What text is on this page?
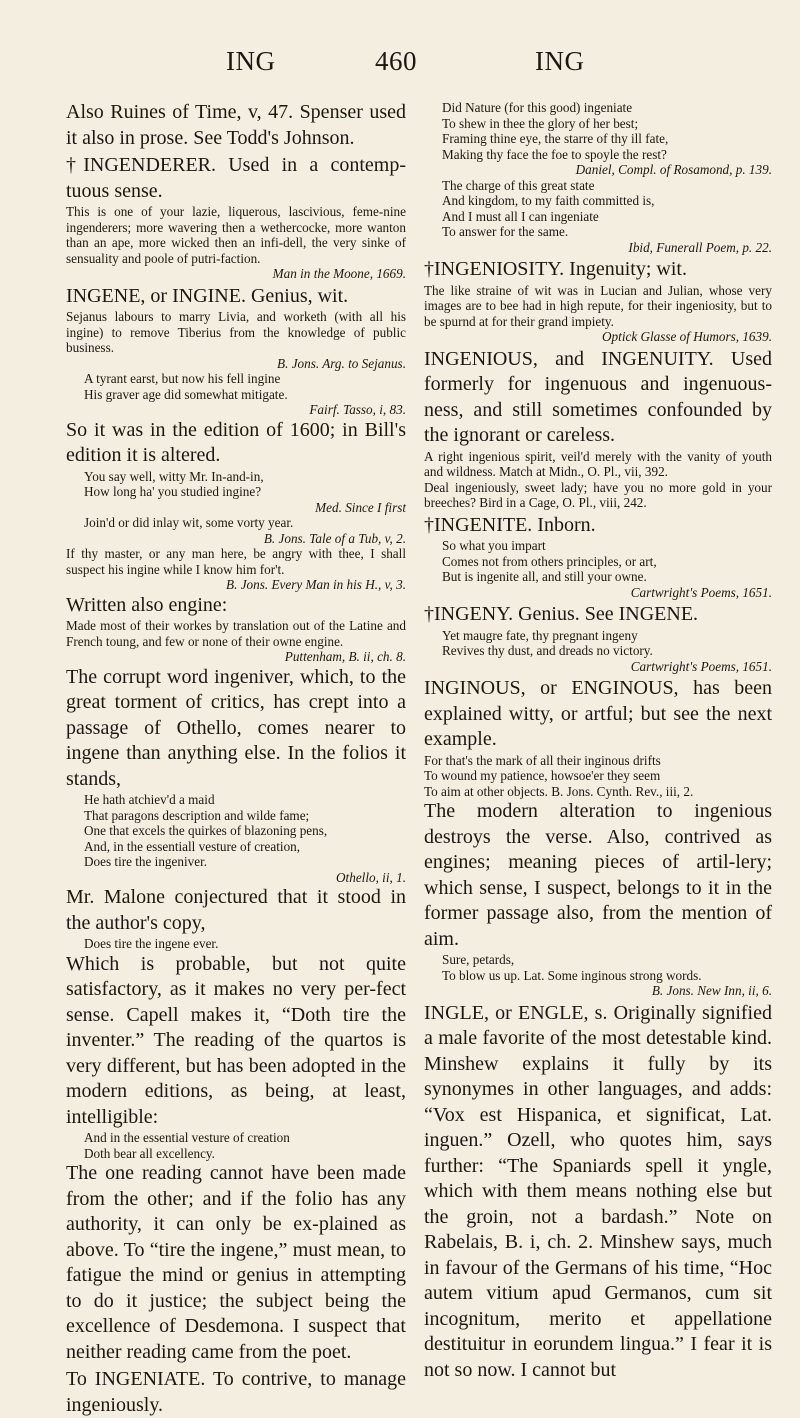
ING	460	ING

Also Ruines of Time, v, 47. Spenser used it also in prose. See Todd's Johnson.

†INGENDERER. Used in a contemp-tuous sense.

This is one of your lazie, liquerous, lascivious, feme-nine ingenderers; more wavering then a wethercocke, more wanton than an ape, more wicked then an infi-dell, the very sinke of sensuality and poole of putri-faction.

Man in the Moone, 1669.

INGENE, or INGINE. Genius, wit.

Sejanus labours to marry Livia, and worketh (with all his ingine) to remove Tiberius from the knowledge of public business.

B. Jons. Arg. to Sejanus.

A tyrant earst, but now his fell ingine

His graver age did somewhat mitigate.

Fairf. Tasso, i, 83.

So it was in the edition of 1600; in Bill's edition it is altered.

You say well, witty Mr. In-and-in,

How long ha' you studied ingine?

Med. Since I first

Join'd or did inlay wit, some vorty year.

B. Jons. Tale of a Tub, v, 2.

If thy master, or any man here, be angry with thee, I shall suspect his ingine while I know him for't.

B. Jons. Every Man in his H., v, 3.

Written also engine:

Made most of their workes by translation out of the Latine and French toung, and few or none of their owne engine.

Puttenham, B. ii, ch. 8.

The corrupt word ingeniver, which, to the great torment of critics, has crept into a passage of Othello, comes nearer to ingene than anything else. In the folios it stands,

He hath atchiev'd a maid

That paragons description and wilde fame;

One that excels the quirkes of blazoning pens,

And, in the essentiall vesture of creation,

Does tire the ingeniver.

Othello, ii, 1.

Mr. Malone conjectured that it stood in the author's copy,

Does tire the ingene ever.

Which is probable, but not quite satisfactory, as it makes no very per-fect sense. Capell makes it, “Doth tire the inventer.” The reading of the quartos is very different, but has been adopted in the modern editions, as being, at least, intelligible:

And in the essential vesture of creation

Doth bear all excellency.

The one reading cannot have been made from the other; and if the folio has any authority, it can only be ex-plained as above. To “tire the ingene,” must mean, to fatigue the mind or genius in attempting to do it justice; the subject being the excellence of Desdemona. I suspect that neither reading came from the poet.

To INGENIATE. To contrive, to manage ingeniously.

Did Nature (for this good) ingeniate

To shew in thee the glory of her best;

Framing thine eye, the starre of thy ill fate,

Making thy face the foe to spoyle the rest?

Daniel, Compl. of Rosamond, p. 139.

The charge of this great state

And kingdom, to my faith committed is,

And I must all I can ingeniate

To answer for the same.

Ibid, Funerall Poem, p. 22.

†INGENIOSITY. Ingenuity; wit.

The like straine of wit was in Lucian and Julian, whose very images are to bee had in high repute, for their ingeniosity, but to be spurnd at for their grand impiety.

Optick Glasse of Humors, 1639.

INGENIOUS, and INGENUITY. Used formerly for ingenuous and ingenuous-ness, and still sometimes confounded by the ignorant or careless.

A right ingenious spirit, veil'd merely with the vanity of youth and wildness. Match at Midn., O. Pl., vii, 392.

Deal ingeniously, sweet lady; have you no more gold in your breeches? Bird in a Cage, O. Pl., viii, 242.

†INGENITE. Inborn.

So what you impart

Comes not from others principles, or art,

But is ingenite all, and still your owne.

Cartwright's Poems, 1651.

†INGENY. Genius. See INGENE.

Yet maugre fate, thy pregnant ingeny

Revives thy dust, and dreads no victory.

Cartwright's Poems, 1651.

INGINOUS, or ENGINOUS, has been explained witty, or artful; but see the next example.

For that's the mark of all their inginous drifts

To wound my patience, howsoe'er they seem

To aim at other objects. B. Jons. Cynth. Rev., iii, 2.

The modern alteration to ingenious destroys the verse. Also, contrived as engines; meaning pieces of artil-lery; which sense, I suspect, belongs to it in the former passage also, from the mention of aim.

Sure, petards,

To blow us up. Lat. Some inginous strong words.

B. Jons. New Inn, ii, 6.

INGLE, or ENGLE, s. Originally signified a male favorite of the most detestable kind. Minshew explains it fully by its synonymes in other languages, and adds: “Vox est Hispanica, et significat, Lat. inguen.” Ozell, who quotes him, says further: “The Spaniards spell it yngle, which with them means nothing else but the groin, not a bardash.” Note on Rabelais, B. i, ch. 2. Minshew says, much in favour of the Germans of his time, “Hoc autem vitium apud Germanos, cum sit incognitum, merito et appellatione destituitur in eorundem lingua.” I fear it is not so now. I cannot but
